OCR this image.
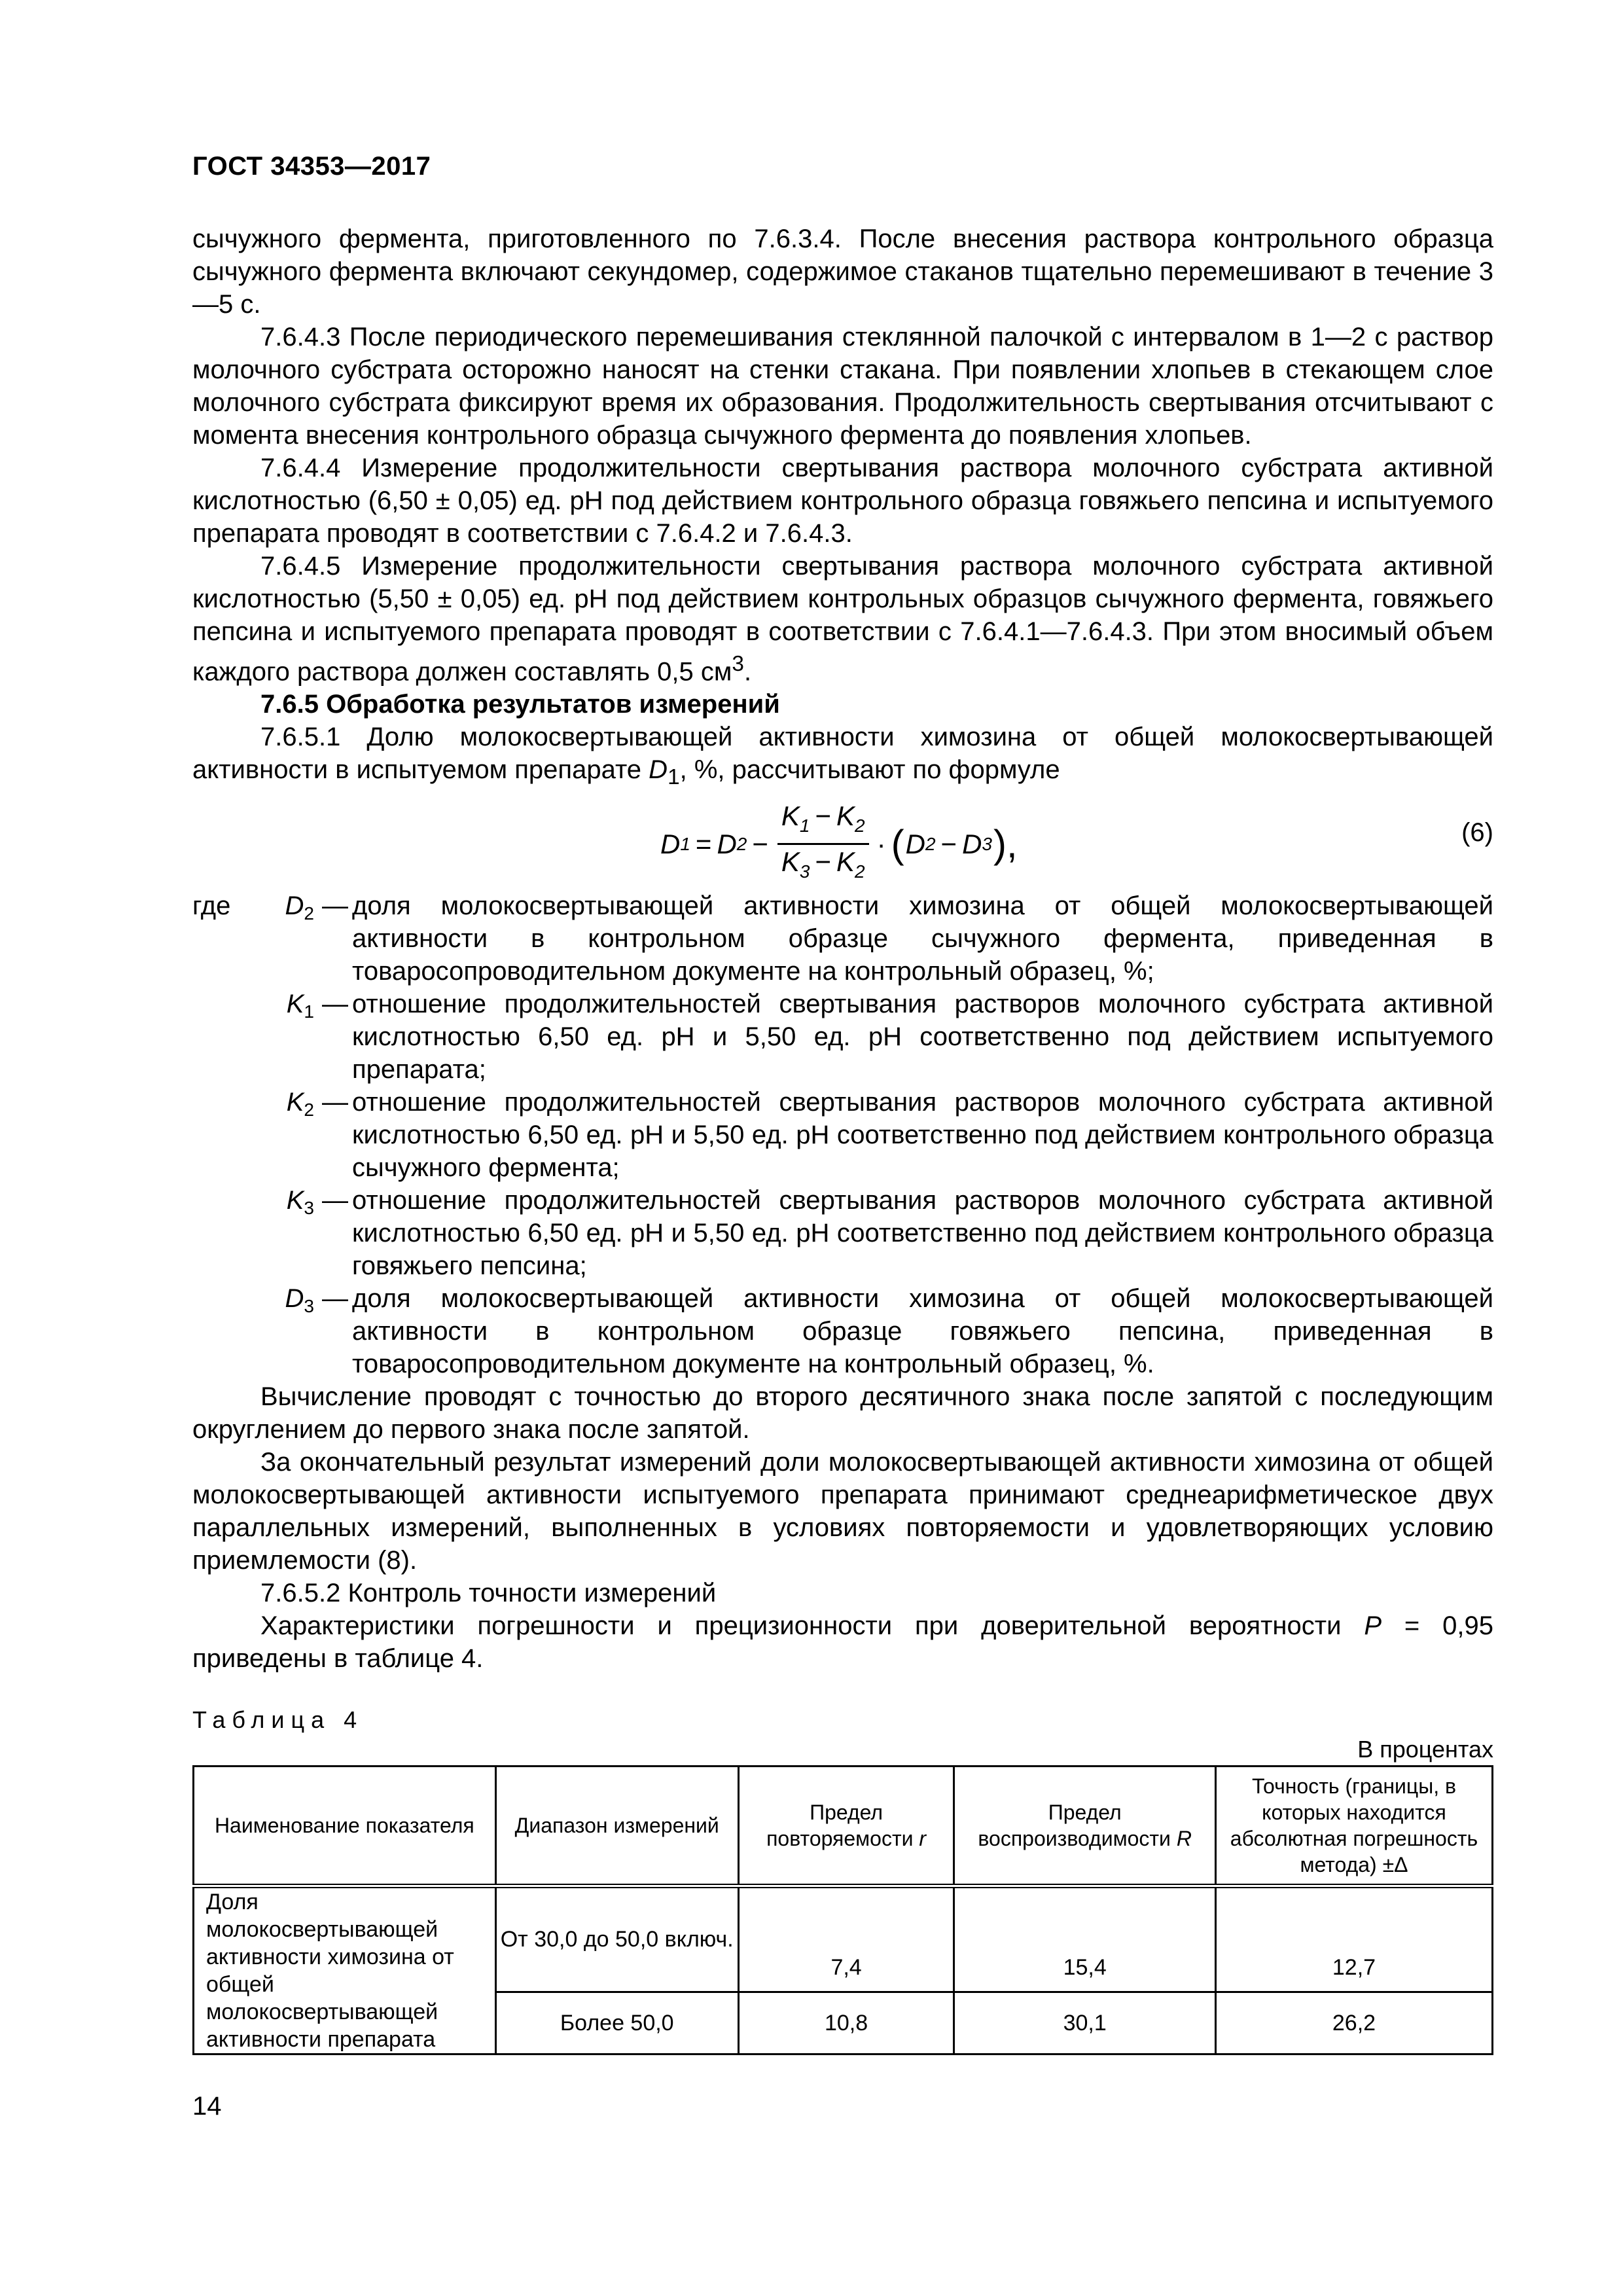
ГОСТ 34353—2017

сычужного фермента, приготовленного по 7.6.3.4. После внесения раствора контрольного образца сычужного фермента включают секундомер, содержимое стаканов тщательно перемешивают в течение 3—5 с.

7.6.4.3 После периодического перемешивания стеклянной палочкой с интервалом в 1—2 с раствор молочного субстрата осторожно наносят на стенки стакана. При появлении хлопьев в стекающем слое молочного субстрата фиксируют время их образования. Продолжительность свертывания отсчитывают с момента внесения контрольного образца сычужного фермента до появления хлопьев.

7.6.4.4 Измерение продолжительности свертывания раствора молочного субстрата активной кислотностью (6,50 ± 0,05) ед. pH под действием контрольного образца говяжьего пепсина и испытуемого препарата проводят в соответствии с 7.6.4.2 и 7.6.4.3.

7.6.4.5 Измерение продолжительности свертывания раствора молочного субстрата активной кислотностью (5,50 ± 0,05) ед. pH под действием контрольных образцов сычужного фермента, говяжьего пепсина и испытуемого препарата проводят в соответствии с 7.6.4.1—7.6.4.3. При этом вносимый объем каждого раствора должен составлять 0,5 $см^3$.

7.6.5 Обработка результатов измерений

7.6.5.1 Долю молокосвертывающей активности химозина от общей молокосвертывающей активности в испытуемом препарате $D_1$, %, рассчитывают по формуле

D 1 = D $2 - \frac{K_1 - K_2}{K_3 - K_2}$ · ( D 2 − D 3 ),	(6)
где $D_2$ — доля молокосвертывающей активности химозина от общей молокосвертывающей активности в контрольном образце сычужного фермента, приведенная в товаросопроводительном документе на контрольный образец, %;
$K_1$ — отношение продолжительностей свертывания растворов молочного субстрата активной кислотностью 6,50 ед. pH и 5,50 ед. pH соответственно под действием испытуемого препарата;
$K_2$ — отношение продолжительностей свертывания растворов молочного субстрата активной кислотностью 6,50 ед. pH и 5,50 ед. pH соответственно под действием контрольного образца сычужного фермента;
$K_3$ — отношение продолжительностей свертывания растворов молочного субстрата активной кислотностью 6,50 ед. pH и 5,50 ед. pH соответственно под действием контрольного образца говяжьего пепсина;
$D_3$ — доля молокосвертывающей активности химозина от общей молокосвертывающей активности в контрольном образце говяжьего пепсина, приведенная в товаросопроводительном документе на контрольный образец, %.

Вычисление проводят с точностью до второго десятичного знака после запятой с последующим округлением до первого знака после запятой.

За окончательный результат измерений доли молокосвертывающей активности химозина от общей молокосвертывающей активности испытуемого препарата принимают среднеарифметическое двух параллельных измерений, выполненных в условиях повторяемости и удовлетворяющих условию приемлемости (8).

7.6.5.2 Контроль точности измерений

Характеристики погрешности и прецизионности при доверительной вероятности P = 0,95 приведены в таблице 4.

Таблица 4
В процентах
Наименование показателя	Диапазон измерений	Предел повторяемости r	Предел воспроизводимости R	Точность (границы, в которых находится абсолютная погрешность метода) ±Δ
Доля молокосвертывающей активности химозина от общей молокосвертывающей активности препарата	От 30,0 до 50,0 включ.	7,4	15,4	12,7
	Более 50,0	10,8	30,1	26,2
14
